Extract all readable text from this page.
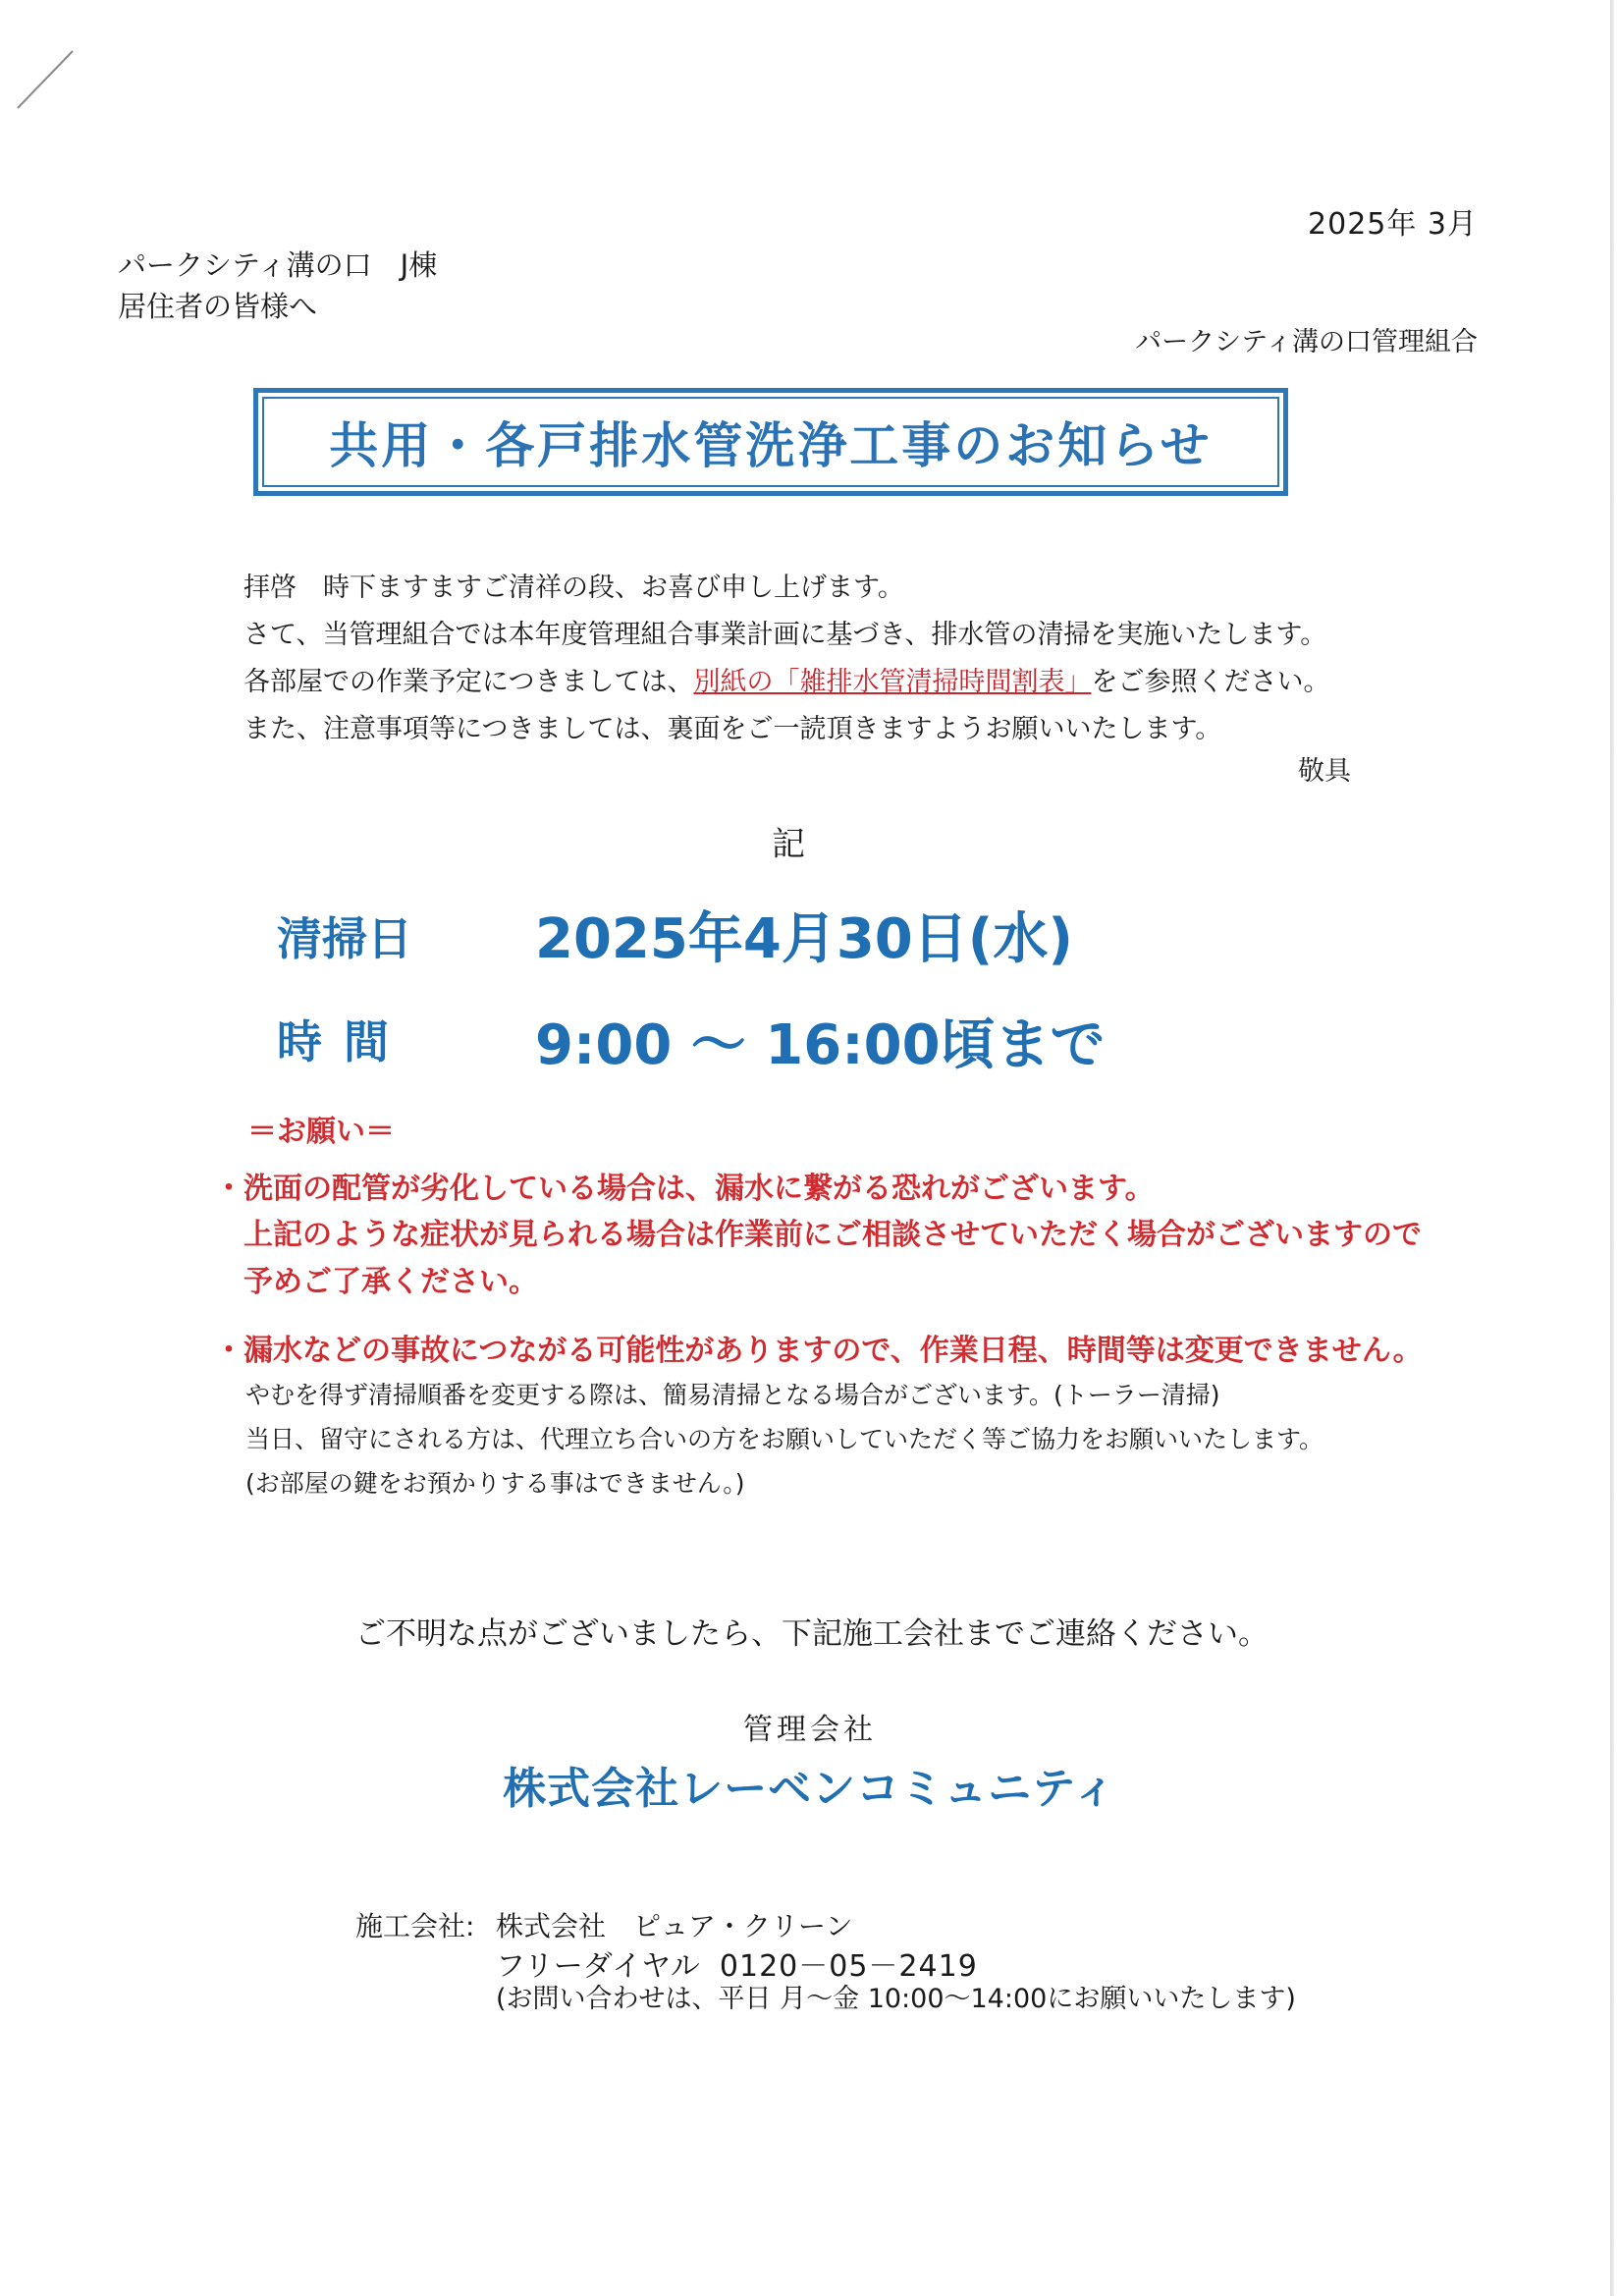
2025年 3月
パークシティ溝の口　J棟
居住者の皆様へ
パークシティ溝の口管理組合
共用・各戸排水管洗浄工事のお知らせ
拝啓　時下ますますご清祥の段、お喜び申し上げます。
さて、当管理組合では本年度管理組合事業計画に基づき、排水管の清掃を実施いたします。
各部屋での作業予定につきましては、別紙の「雑排水管清掃時間割表」をご参照ください。
また、注意事項等につきましては、裏面をご一読頂きますようお願いいたします。
敬具
記
清掃日 2025年4月30日(水)
時間 9:00 ～ 16:00頃まで
＝お願い＝
・ 洗面の配管が劣化している場合は、漏水に繋がる恐れがございます。
上記のような症状が見られる場合は作業前にご相談させていただく場合がございますので
予めご了承ください。
・ 漏水などの事故につながる可能性がありますので、作業日程、時間等は変更できません。
やむを得ず清掃順番を変更する際は、簡易清掃となる場合がございます。(トーラー清掃)
当日、留守にされる方は、代理立ち合いの方をお願いしていただく等ご協力をお願いいたします。
(お部屋の鍵をお預かりする事はできません。)
ご不明な点がございましたら、下記施工会社までご連絡ください。
管理会社
株式会社レーベンコミュニティ
施工会社: 株式会社　ピュア・クリーン
フリーダイヤル 0120－05－2419
(お問い合わせは、平日 月～金 10:00～14:00にお願いいたします)
